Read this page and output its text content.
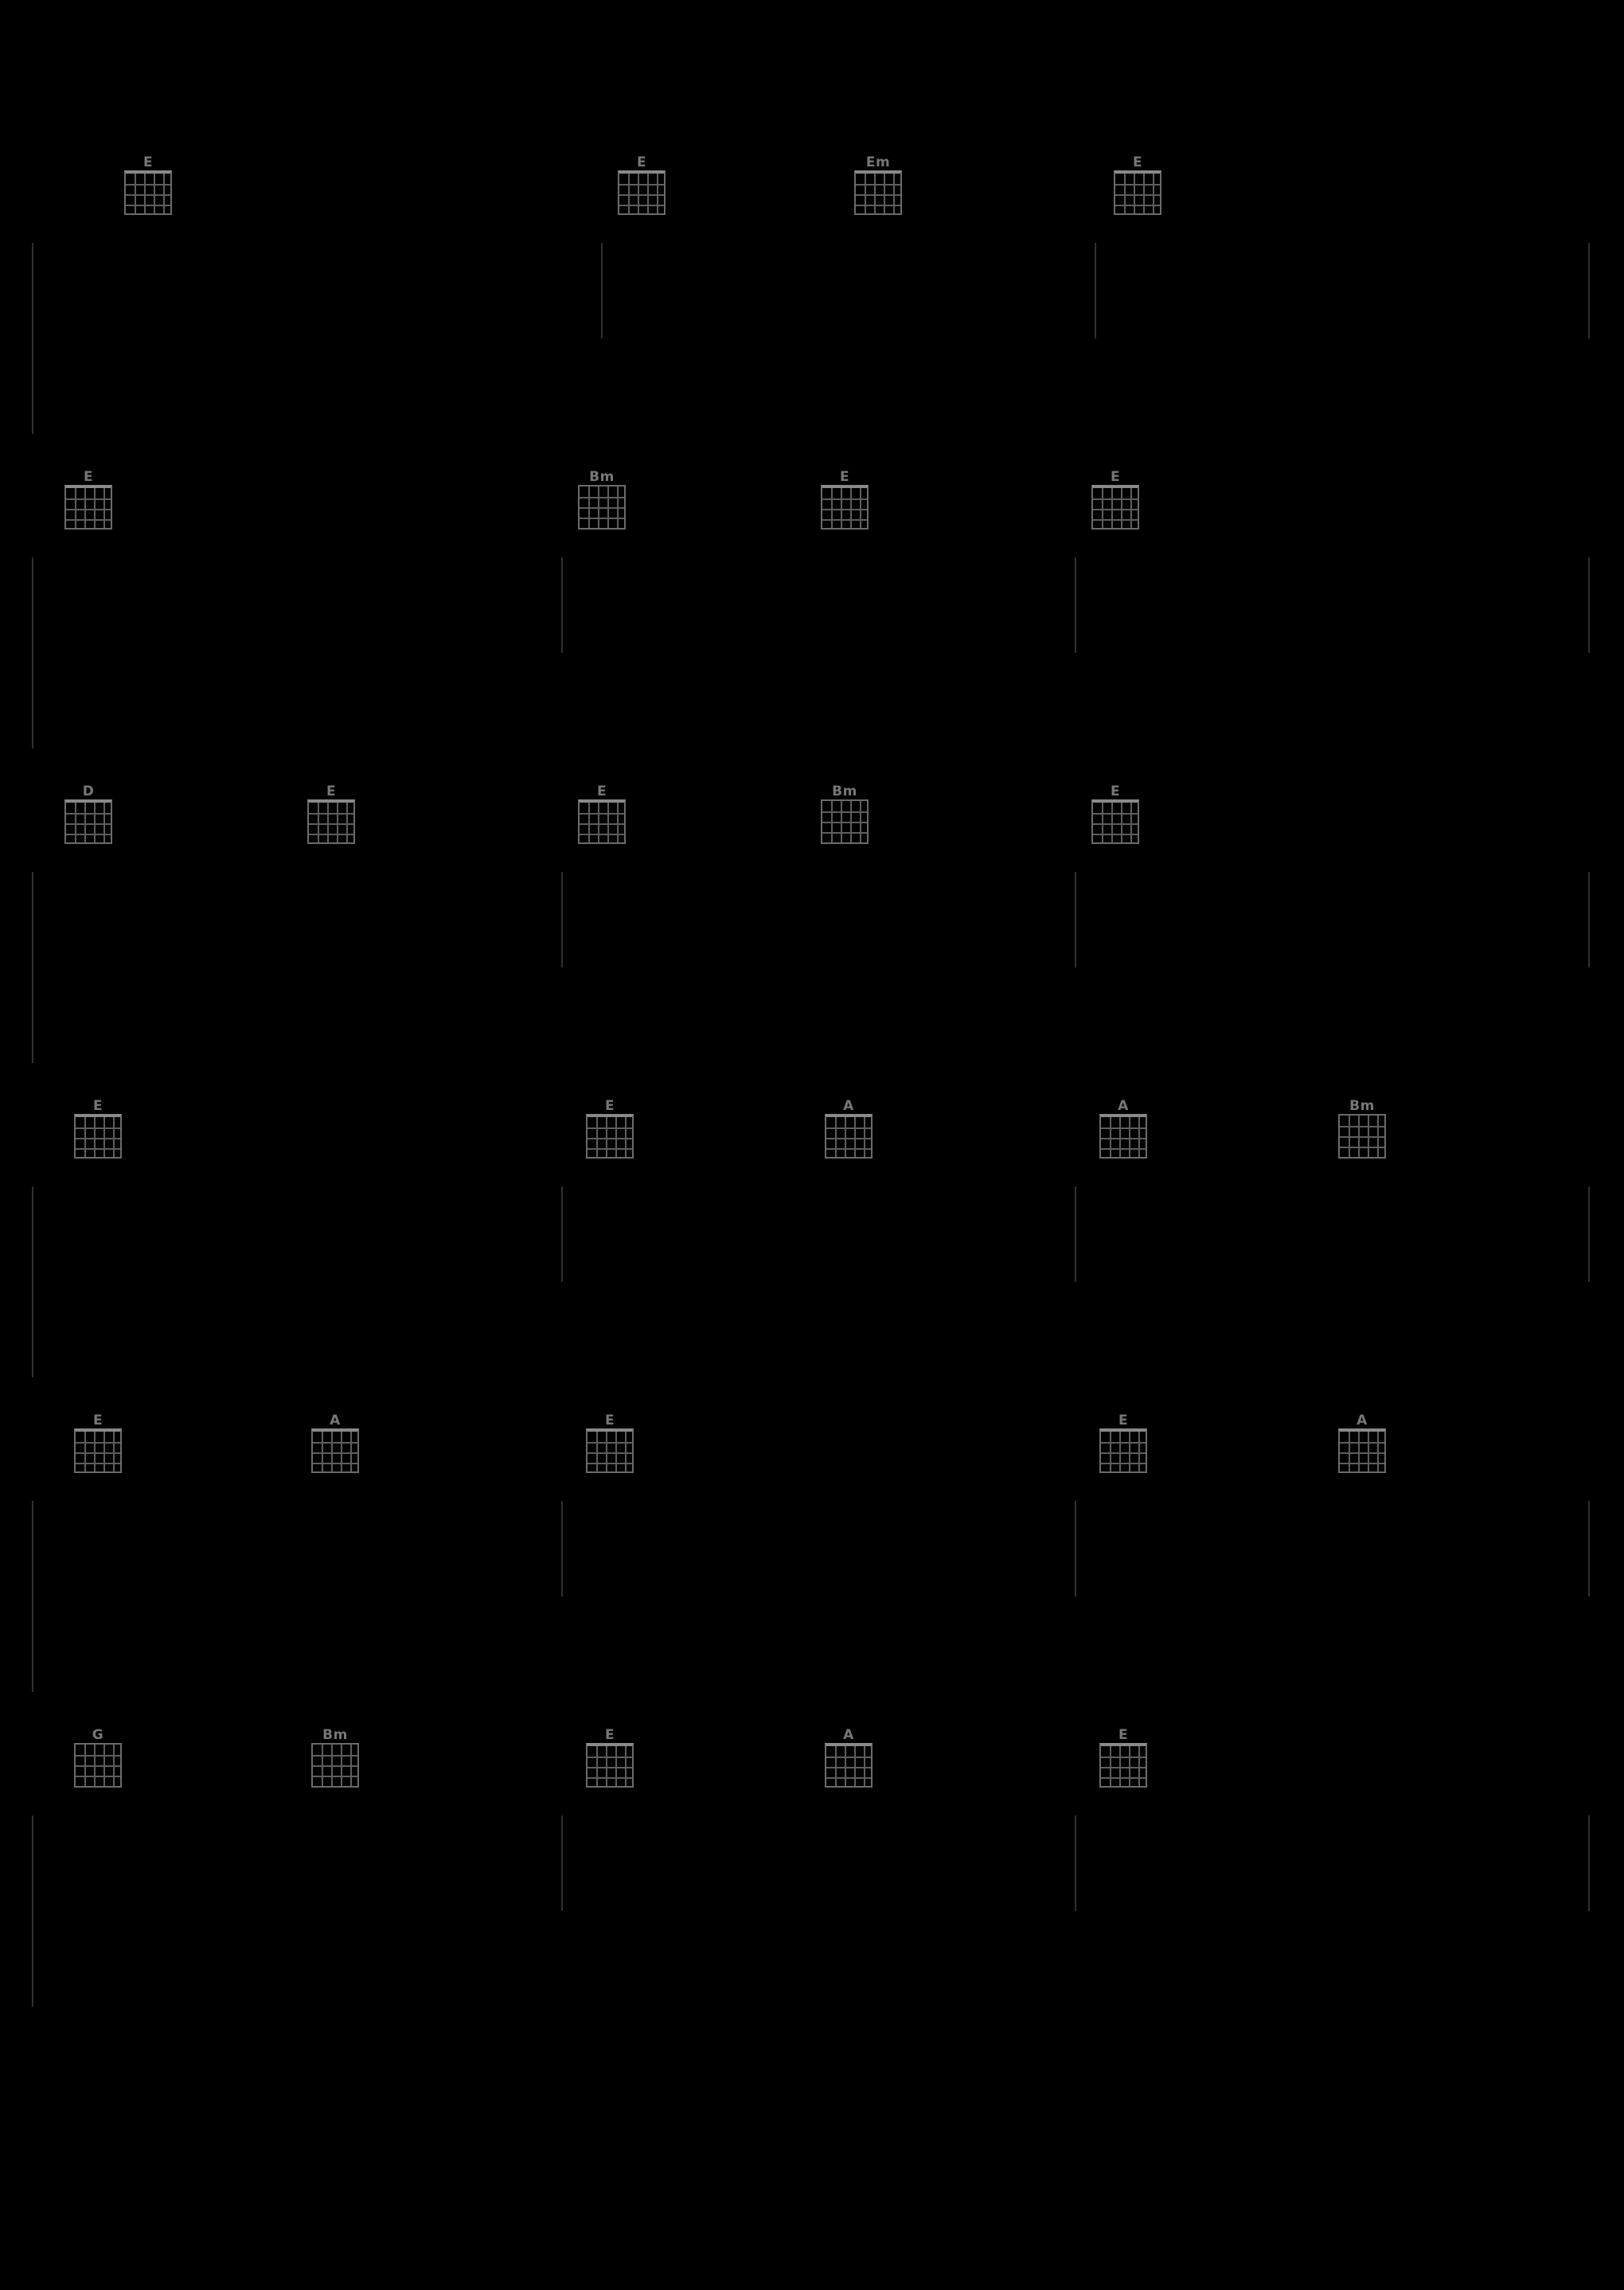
E	E	Em	E
E	Bm	E	E
D	E	E	Bm	E
E	E	A	A	Bm
E	A	E	E	A
G	Bm	E	A	E
